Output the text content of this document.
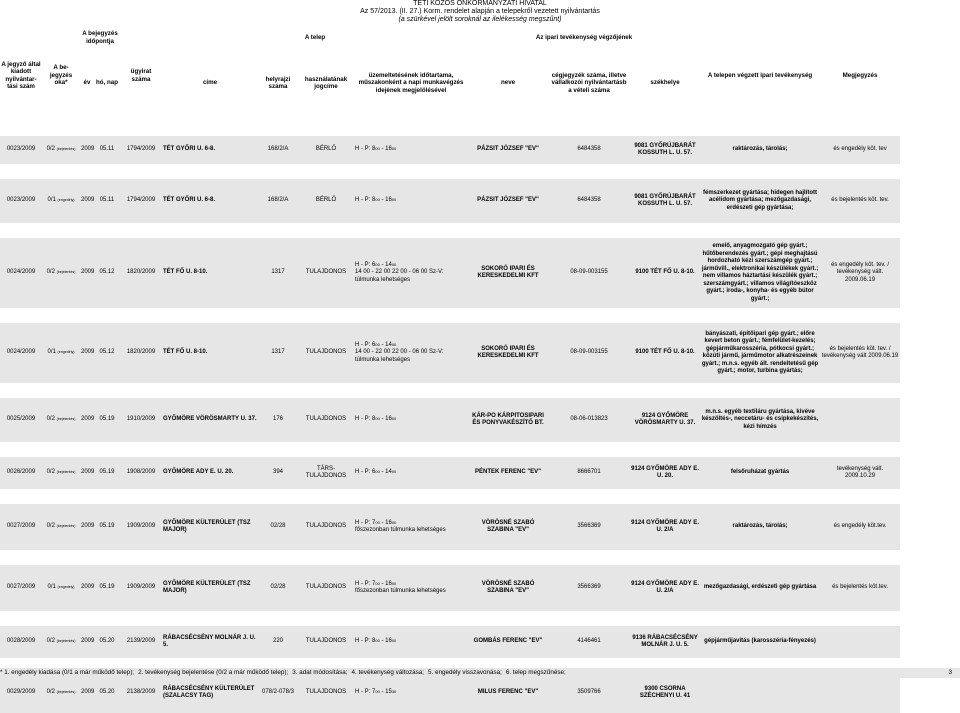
TÉTI KÖZÖS ÖNKORMÁNYZATI HIVATAL
Az 57/2013. (II. 27.) Korm. rendelet alapján a telepekről vezetett nyilvántartás
(a szürkével jelölt soroknál az ilelékesség megszűnt)
A jegyző által kiadott nyilvántar-tási szám	A be-jegyzés oka*	A bejegyzés időpontja		ügyirat száma	A telep				Az ipari tevékenység végzőjének			A telepen végzett ipari tevékenység	Megjegyzés
		év	hó, nap		címe	helyrajzi száma	használatának jogcíme	üzemeltetésének időtartama, műszakonként a napi munkavégzés idejének megjelölésével	neve	cégjegyzék száma, illetve vállalkozói nyilvántartásb a vételi száma	székhelye		

0023/2009	0/2 (bejelentés)	2009	05.11	1794/2009	TÉT GYŐRI U. 6-8.	168/2/A	BÉRLŐ	H - P: $8^{00} - 16^{00}$	PÁZSIT JÓZSEF "EV"	6484358	9081 GYŐRÚJBARÁT KOSSUTH L. U. 57.	raktározás, tárolás;	és engedély köt. tev

0023/2009	0/1 (engedély)	2009	05.11	1794/2009	TÉT GYŐRI U. 6-8.	168/2/A	BÉRLŐ	H - P: $8^{00} - 16^{00}$	PÁZSIT JÓZSEF "EV"	6484358	9081 GYŐRÚJBARÁT KOSSUTH L. U. 57.	fémszerkezet gyártása; hidegen hajlított acélidom gyártása; mezőgazdasági, erdészeti gép gyártása;	és bejelentés köt. tev.

0024/2009	0/2 (bejelentés)	2009	05.12	1820/2009	TÉT FŐ U. 8-10.	1317	TULAJDONOS	H - P: $6^{00} - 14^{00}$
14 00 - 22 00 22 00 - 06 00 Sz-V: túlmunka lehetséges	SOKORÓ IPARI ÉS KERESKEDELMI KFT	08-09-003155	9100 TÉT FŐ U. 8-10.	emelő, anyagmozgató gép gyárt.; hűtőberendezés gyárt.; gépi meghajtású hordozható kézi szerszámgép gyárt.; járművill., elektronikai készülékek gyárt.; nem villamos háztartási készülék gyárt.; szerszámgyárt.; villamos világítóeszköz gyárt.; iroda-, konyha- és egyéb bútor gyárt.;	és engedély köt. tev. / tevékenység vált. 2009.06.19

0024/2009	0/1 (engedély)	2009	05.12	1820/2009	TÉT FŐ U. 8-10.	1317	TULAJDONOS	H - P: $6^{00} - 14^{00}$
14 00 - 22 00 22 00 - 06 00 Sz-V: túlmunka lehetséges	SOKORÓ IPARI ÉS KERESKEDELMI KFT	08-09-003155	9100 TÉT FŐ U. 8-10.	bányászati, építőipari gép gyárt.; előre kevert beton gyárt.; fémfelület-kezelés; gépjárműkarosszéria, pótkocsi gyárt.; közúti jármű, járműmotor alkatrészeinek gyárt.; m.n.s. egyéb ált. rendeltetésű gép gyárt.; motor, turbina gyártás;	és bejelentés köt. tev. / tevékenység vált 2009.06.19

0025/2009	0/2 (bejelentés)	2009	05.19	1910/2009	GYŐMÖRE VÖRÖSMARTY U. 37.	176	TULAJDONOS	H - P: $8^{00} - 16^{00}$	KÁR-PO KÁRPITOSIPARI ÉS PONYVAKÉSZÍTŐ BT.	08-06-013823	9124 GYŐMÖRE VÖRÖSMARTY U. 37.	m.n.s. egyéb textiláru gyártása, kivéve készöltés-, neccetáru- és csipkekészítés, kézi hímzés	

0026/2009	0/2 (bejelentés)	2009	05.19	1908/2009	GYŐMÖRE ADY E. U. 20.	394	TÁRS-TULAJDONOS	H - P: $6^{00} - 14^{00}$	PÉNTEK FERENC "EV"	8666701	9124 GYŐMÖRE ADY E. U. 20.	felsőruházat gyártás	tevékenység vált. 2009.10.29

0027/2009	0/2 (bejelentés)	2009	05.19	1909/2009	GYŐMÖRE KÜLTERÜLET (TSZ MAJOR)	02/28	TULAJDONOS	H - P: $7^{00} - 16^{00}$
főszezonban túlmunka lehetséges	VÖRÖSNÉ SZABÓ SZABINA "EV"	3566369	9124 GYŐMÖRE ADY E. U. 2/A	raktározás, tárolás;	és engedély köt.tev.

0027/2009	0/1 (engedély)	2009	05.19	1909/2009	GYŐMÖRE KÜLTERÜLET (TSZ MAJOR)	02/28	TULAJDONOS	H - P: $7^{00} - 16^{00}$
főszezonban túlmunka lehetséges	VÖRÖSNÉ SZABÓ SZABINA "EV"	3566369	9124 GYŐMÖRE ADY E. U. 2/A	mezőgazdasági, erdészeti gép gyártása	és bejelentés köt.tev.

0028/2009	0/2 (bejelentés)	2009	05.20	2139/2009	RÁBACSÉCSÉNY MOLNÁR J. U. 5.	220	TULAJDONOS	H - P: $8^{00} - 16^{00}$	GOMBÁS FERENC "EV"	4146461	9136 RÁBACSÉCSÉNY MOLNÁR J. U. 5.	gépjárműjavítás (karosszéria-fényezés)	

0029/2009	0/2 (bejelentés)	2009	05.20	2138/2009	RÁBACSÉCSÉNY KÜLTERÜLET (SZALACSY TAG)	078/2-078/3	TULAJDONOS	H - P: $7^{00} - 15^{30}$	MILUS FERENC "EV"	3509766	9300 CSORNA SZÉCHENYI U. 41		
* 1. engedély kiadása (0/1 a már működő telep); 2. tevékenység bejelentése (0/2 a már működő telep); 3. adat módosítása; 4. tevékenység változása; 5. engedély visszavonása; 6. telep megszűnése;	3
